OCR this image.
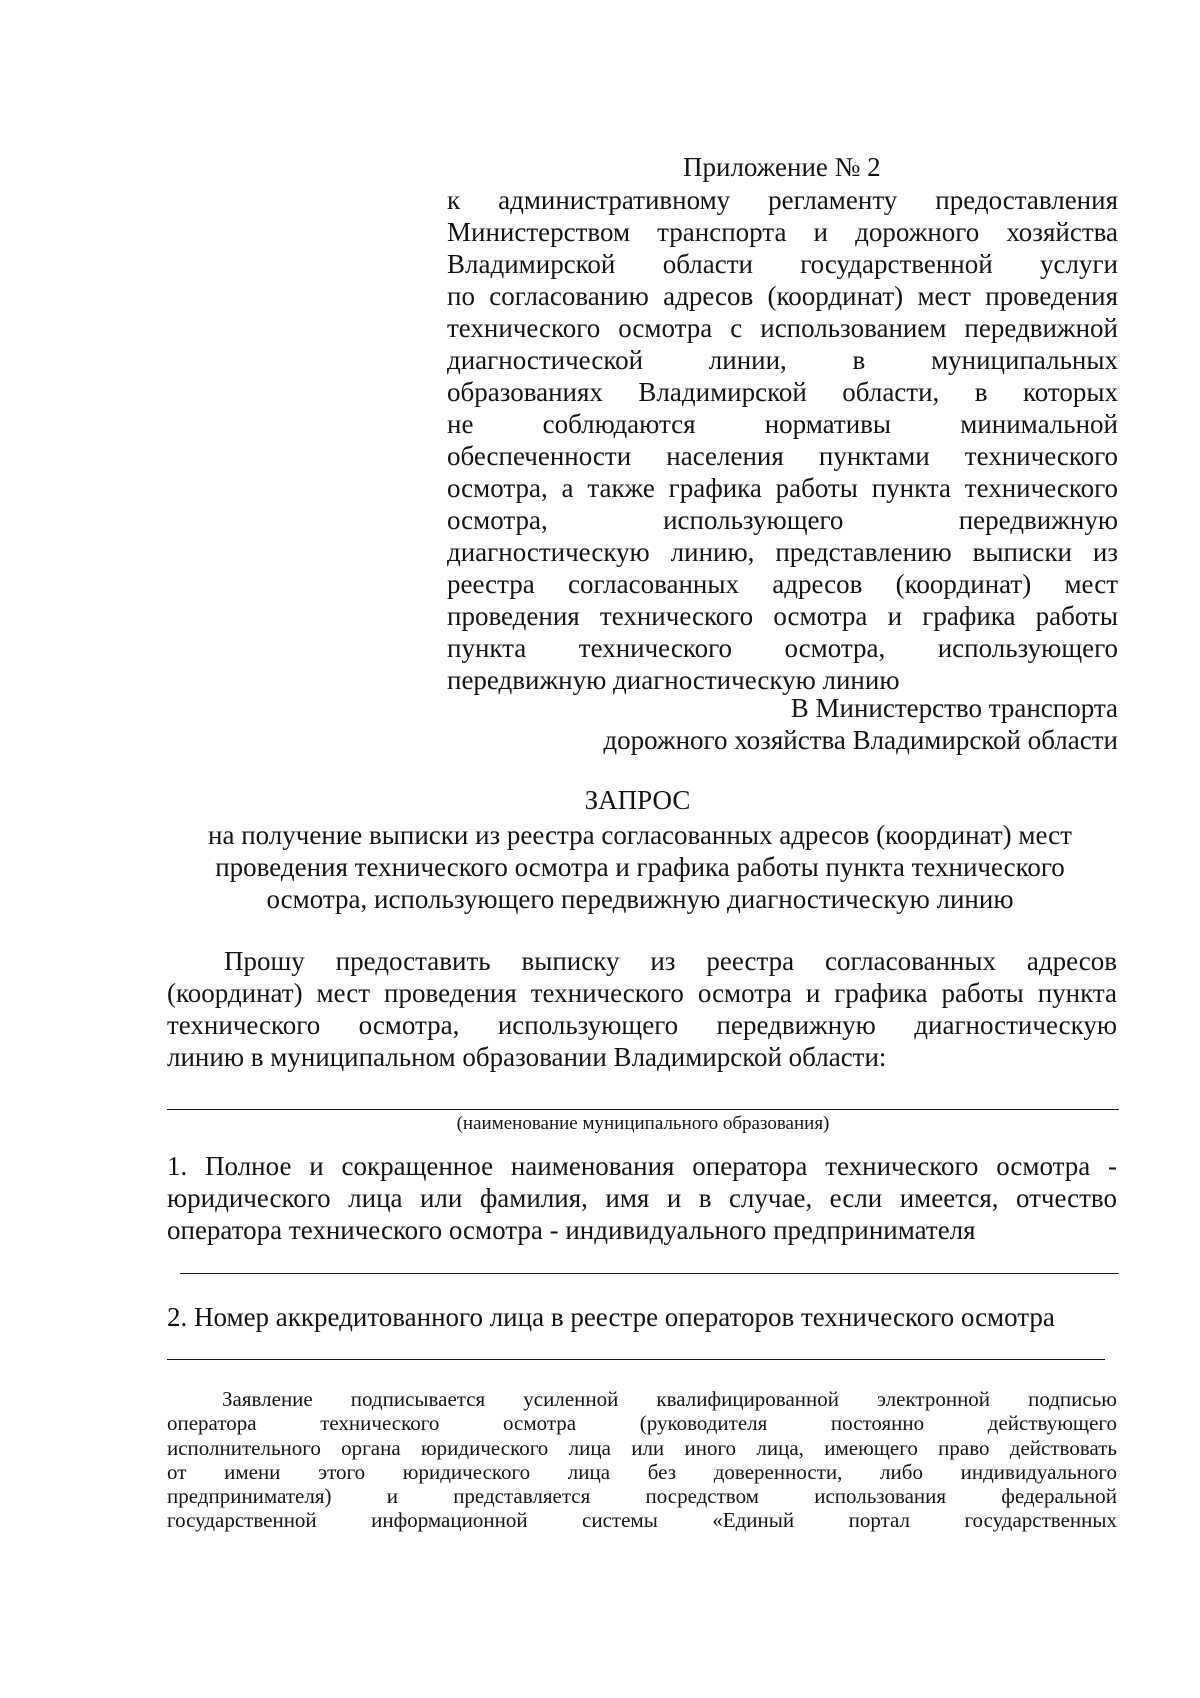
Приложение № 2

к административному регламенту предоставления
Министерством транспорта и дорожного хозяйства
Владимирской области государственной услуги
по согласованию адресов (координат) мест проведения
технического осмотра с использованием передвижной
диагностической линии, в муниципальных
образованиях Владимирской области, в которых
не соблюдаются нормативы минимальной
обеспеченности населения пунктами технического
осмотра, а также графика работы пункта технического
осмотра, использующего передвижную
диагностическую линию, представлению выписки из
реестра согласованных адресов (координат) мест
проведения технического осмотра и графика работы
пункта технического осмотра, использующего
передвижную диагностическую линию
В Министерство транспорта
дорожного хозяйства Владимирской области

ЗАПРОС

на получение выписки из реестра согласованных адресов (координат) мест
проведения технического осмотра и графика работы пункта технического
осмотра, использующего передвижную диагностическую линию
Прошу предоставить выписку из реестра согласованных адресов
(координат) мест проведения технического осмотра и графика работы пункта
технического осмотра, использующего передвижную диагностическую
линию в муниципальном образовании Владимирской области:

(наименование муниципального образования)

1. Полное и сокращенное наименования оператора технического осмотра -
юридического лица или фамилия, имя и в случае, если имеется, отчество
оператора технического осмотра - индивидуального предпринимателя

2. Номер аккредитованного лица в реестре операторов технического осмотра

Заявление подписывается усиленной квалифицированной электронной подписью
оператора технического осмотра (руководителя постоянно действующего
исполнительного органа юридического лица или иного лица, имеющего право действовать
от имени этого юридического лица без доверенности, либо индивидуального
предпринимателя) и представляется посредством использования федеральной
государственной информационной системы «Единый портал государственных
